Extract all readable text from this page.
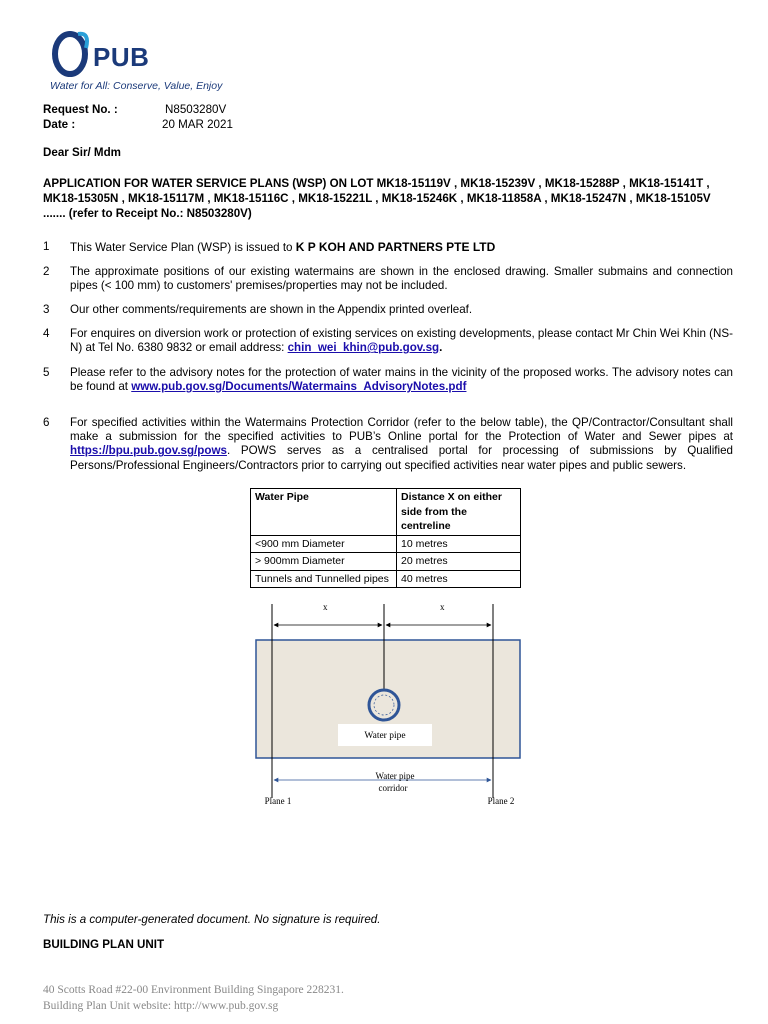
PUB
Water for All: Conserve, Value, Enjoy
Request No. :	N8503280V
Date :	20 MAR 2021
Dear Sir/ Mdm
APPLICATION FOR WATER SERVICE PLANS (WSP) ON LOT MK18-15119V , MK18-15239V , MK18-15288P , MK18-15141T , MK18-15305N , MK18-15117M , MK18-15116C , MK18-15221L , MK18-15246K , MK18-11858A , MK18-15247N , MK18-15105V ....... (refer to Receipt No.: N8503280V)
1	This Water Service Plan (WSP) is issued to K P KOH AND PARTNERS PTE LTD
2	The approximate positions of our existing watermains are shown in the enclosed drawing. Smaller submains and connection pipes (< 100 mm) to customers' premises/properties may not be included.
3	Our other comments/requirements are shown in the Appendix printed overleaf.
4	For enquires on diversion work or protection of existing services on existing developments, please contact Mr Chin Wei Khin (NS-N) at Tel No. 6380 9832 or email address: chin_wei_khin@pub.gov.sg.
5	Please refer to the advisory notes for the protection of water mains in the vicinity of the proposed works. The advisory notes can be found at www.pub.gov.sg/Documents/Watermains_AdvisoryNotes.pdf
6	For specified activities within the Watermains Protection Corridor (refer to the below table), the QP/Contractor/Consultant shall make a submission for the specified activities to PUB’s Online portal for the Protection of Water and Sewer pipes at https://bpu.pub.gov.sg/pows. POWS serves as a centralised portal for processing of submissions by Qualified Persons/Professional Engineers/Contractors prior to carrying out specified activities near water pipes and public sewers.
Water Pipe	Distance X on either side from the centreline
<900 mm Diameter	10 metres
> 900mm Diameter	20 metres
Tunnels and Tunnelled pipes	40 metres
x	x
Water pipe
Water pipe
corridor
Plane 1	Plane 2
This is a computer-generated document. No signature is required.
BUILDING PLAN UNIT
40 Scotts Road #22-00 Environment Building Singapore 228231.
Building Plan Unit website: http://www.pub.gov.sg
